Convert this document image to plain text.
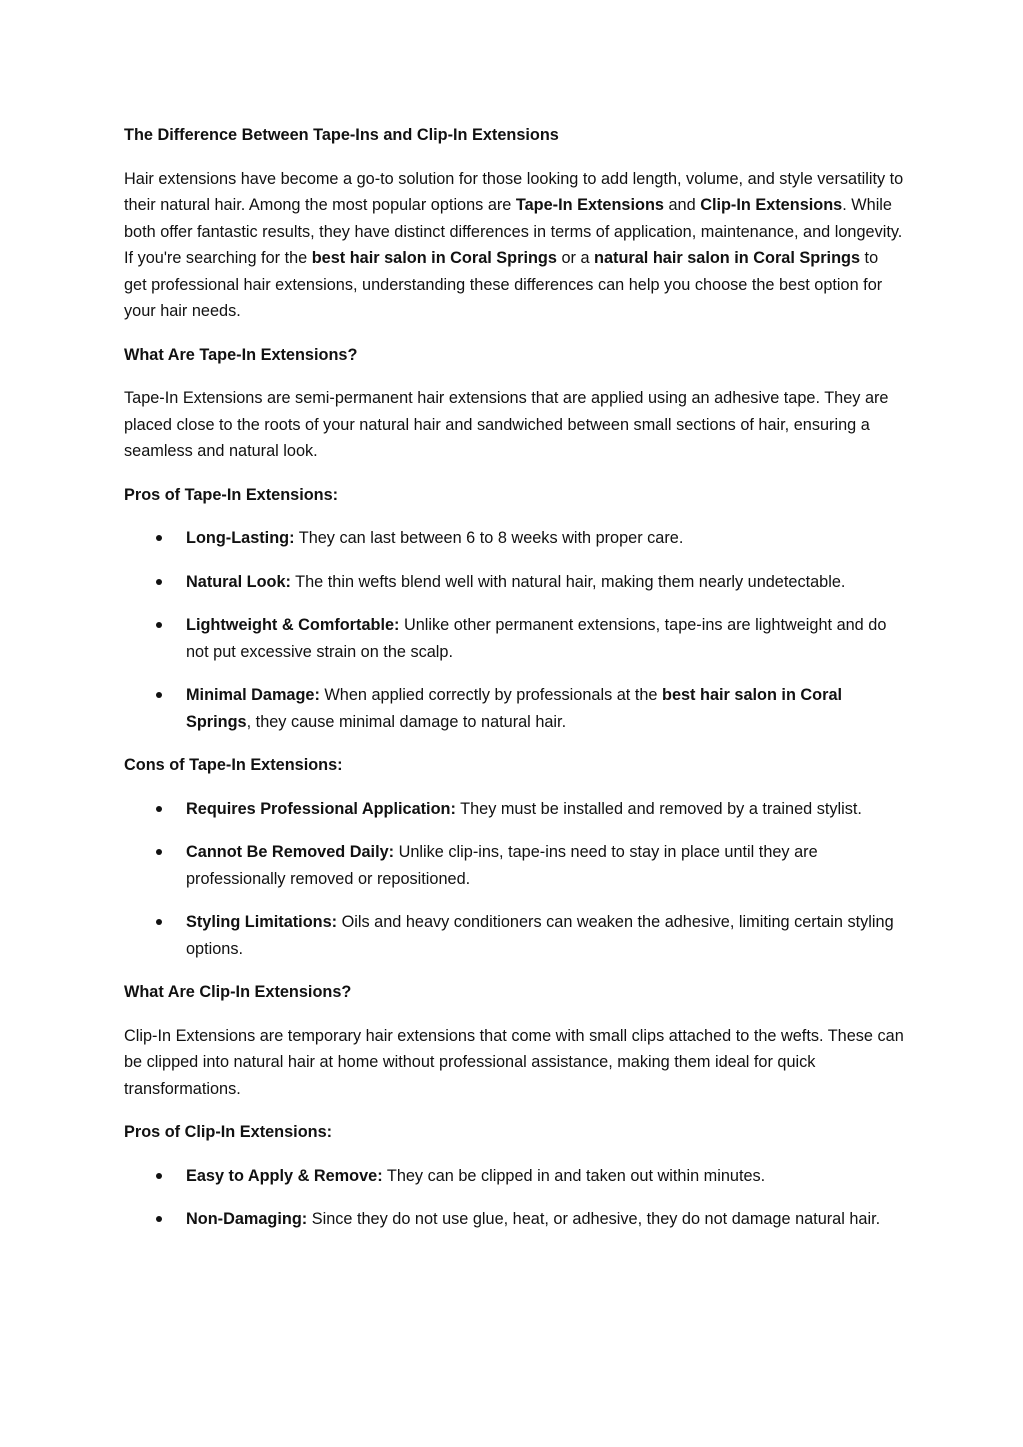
The Difference Between Tape-Ins and Clip-In Extensions

Hair extensions have become a go-to solution for those looking to add length, volume, and style versatility to their natural hair. Among the most popular options are Tape-In Extensions and Clip-In Extensions. While both offer fantastic results, they have distinct differences in terms of application, maintenance, and longevity. If you're searching for the best hair salon in Coral Springs or a natural hair salon in Coral Springs to get professional hair extensions, understanding these differences can help you choose the best option for your hair needs.

What Are Tape-In Extensions?

Tape-In Extensions are semi-permanent hair extensions that are applied using an adhesive tape. They are placed close to the roots of your natural hair and sandwiched between small sections of hair, ensuring a seamless and natural look.

Pros of Tape-In Extensions:

Long-Lasting: They can last between 6 to 8 weeks with proper care.
Natural Look: The thin wefts blend well with natural hair, making them nearly undetectable.
Lightweight & Comfortable: Unlike other permanent extensions, tape-ins are lightweight and do not put excessive strain on the scalp.
Minimal Damage: When applied correctly by professionals at the best hair salon in Coral Springs, they cause minimal damage to natural hair.

Cons of Tape-In Extensions:

Requires Professional Application: They must be installed and removed by a trained stylist.
Cannot Be Removed Daily: Unlike clip-ins, tape-ins need to stay in place until they are professionally removed or repositioned.
Styling Limitations: Oils and heavy conditioners can weaken the adhesive, limiting certain styling options.

What Are Clip-In Extensions?

Clip-In Extensions are temporary hair extensions that come with small clips attached to the wefts. These can be clipped into natural hair at home without professional assistance, making them ideal for quick transformations.

Pros of Clip-In Extensions:

Easy to Apply & Remove: They can be clipped in and taken out within minutes.
Non-Damaging: Since they do not use glue, heat, or adhesive, they do not damage natural hair.
